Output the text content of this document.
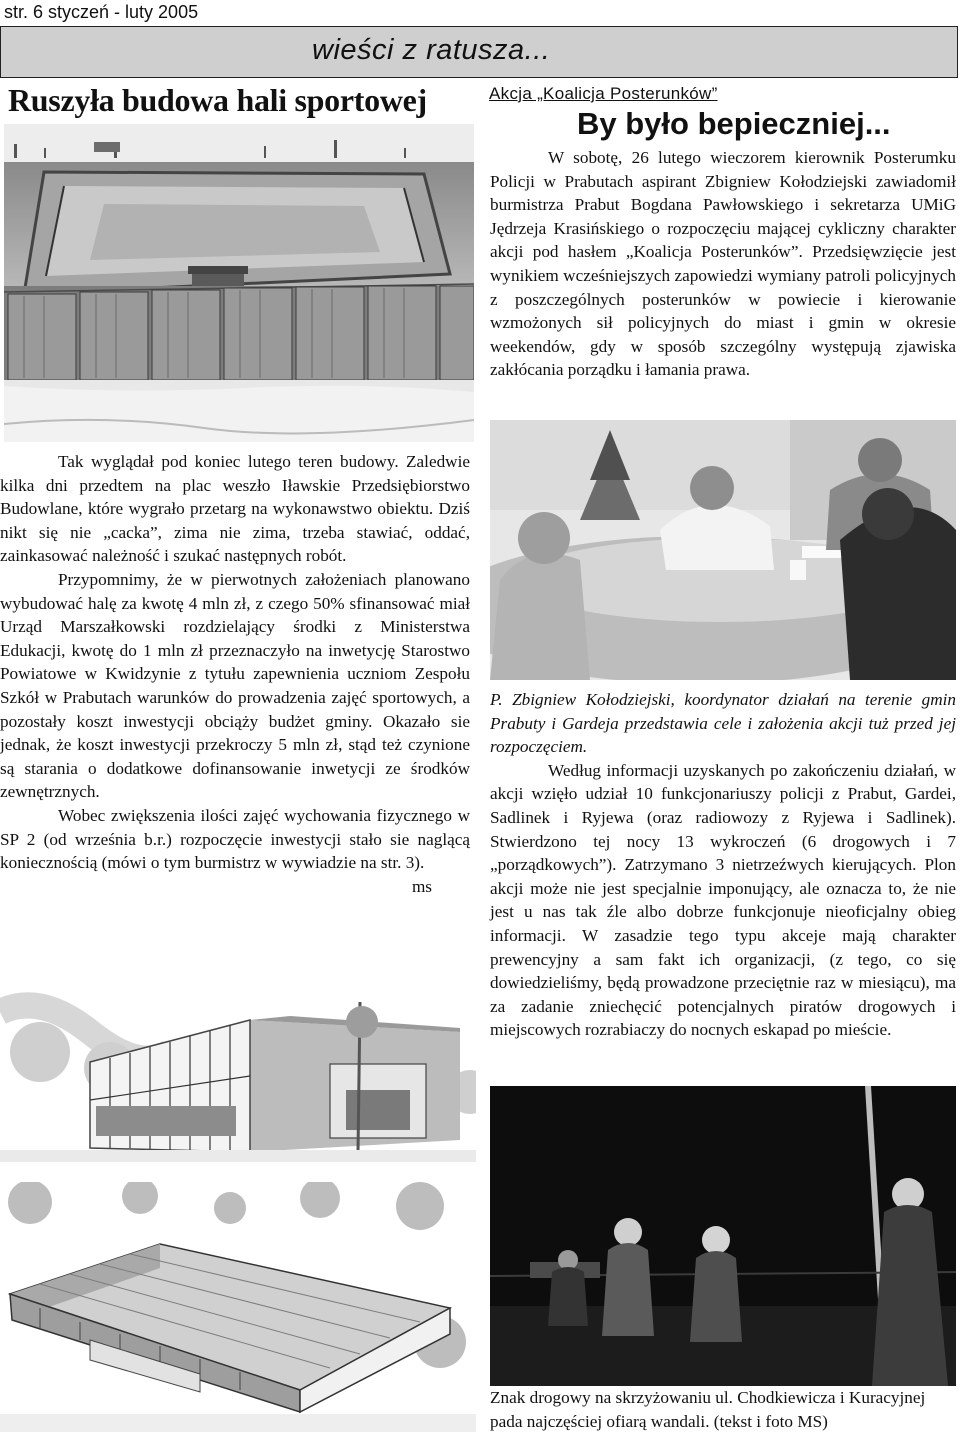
str. 6 styczeń - luty 2005
wieści z ratusza...
Ruszyła budowa hali sportowej

Tak wyglądał pod koniec lutego teren budowy. Zaledwie kilka dni przedtem na plac weszło Iławskie Przedsiębiorstwo Budowlane, które wygrało przetarg na wykonawstwo obiektu. Dziś nikt się nie „cacka”, zima nie zima, trzeba stawiać, oddać, zainkasować należność i szukać następnych robót.

Przypomnimy, że w pierwotnych założeniach planowano wybudować halę za kwotę 4 mln zł, z czego 50% sfinansować miał Urząd Marszałkowski rozdzielający środki z Ministerstwa Edukacji, kwotę do 1 mln zł przeznaczyło na inwetycję Starostwo Powiatowe w Kwidzynie z tytułu zapewnienia uczniom Zespołu Szkół w Prabutach warunków do prowadzenia zajęć sportowych, a pozostały koszt inwestycji obciąży budżet gminy. Okazało sie jednak, że koszt inwestycji przekroczy 5 mln zł, stąd też czynione są starania o dodatkowe dofinansowanie inwetycji ze środków zewnętrznych.

Wobec zwiększenia ilości zajęć wychowania fizycznego w SP 2 (od września b.r.) rozpoczęcie inwestycji stało sie naglącą koniecznością (mówi o tym burmistrz w wywiadzie na str. 3).
ms

Akcja „Koalicja Posterunków”
By było bepieczniej...

W sobotę, 26 lutego wieczorem kierownik Posterumku Policji w Prabutach aspirant Zbigniew Kołodziejski zawiadomił burmistrza Prabut Bogdana Pawłowskiego i sekretarza UMiG Jędrzeja Krasińskiego o rozpoczęciu mającej cykliczny charakter akcji pod hasłem „Koalicja Posterunków”. Przedsięwzięcie jest wynikiem wcześniejszych zapowiedzi wymiany patroli policyjnych z poszczególnych posterunków w powiecie i kierowanie wzmożonych sił policyjnych do miast i gmin w okresie weekendów, gdy w sposób szczególny występują zjawiska zakłócania porządku i łamania prawa.

P. Zbigniew Kołodziejski, koordynator działań na terenie gmin Prabuty i Gardeja przedstawia cele i założenia akcji tuż przed jej rozpoczęciem.

Według informacji uzyskanych po zakończeniu działań, w akcji wzięło udział 10 funkcjonariuszy policji z Prabut, Gardei, Sadlinek i Ryjewa (oraz radiowozy z Ryjewa i Sadlinek). Stwierdzono tej nocy 13 wykroczeń (6 drogowych i 7 „porządkowych”). Zatrzymano 3 nietrzeźwych kierujących. Plon akcji może nie jest specjalnie imponujący, ale oznacza to, że nie jest u nas tak źle albo dobrze funkcjonuje nieoficjalny obieg informacji. W zasadzie tego typu akceje mają charakter prewencyjny a sam fakt ich organizacji, (z tego, co się dowiedzieliśmy, będą prowadzone przeciętnie raz w miesiącu), ma za zadanie zniechęcić potencjalnych piratów drogowych i miejscowych rozrabiaczy do nocnych eskapad po mieście.

Znak drogowy na skrzyżowaniu ul. Chodkiewicza i Kuracyjnej pada najczęściej ofiarą wandali. (tekst i foto MS)
